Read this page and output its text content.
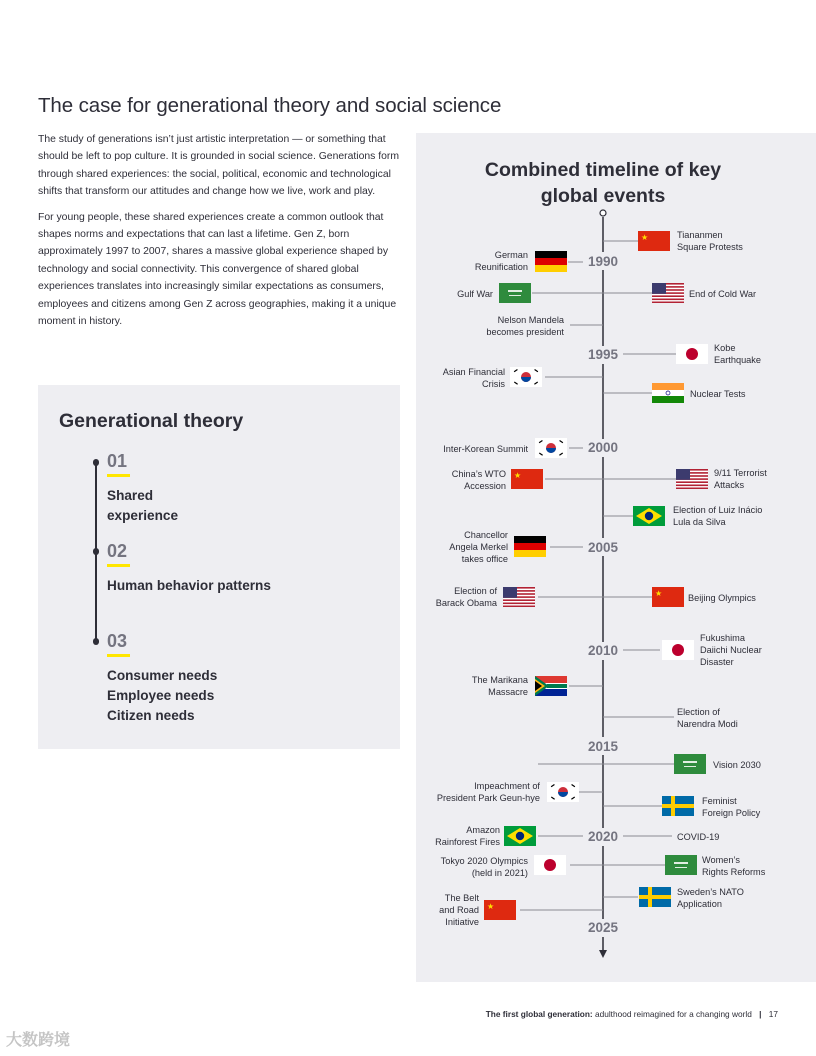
The case for generational theory and social science

The study of generations isn’t just artistic interpretation — or something that should be left to pop culture. It is grounded in social science. Generations form through shared experiences: the social, political, economic and technological shifts that transform our attitudes and change how we live, work and play.

For young people, these shared experiences create a common outlook that shapes norms and expectations that can last a lifetime. Gen Z, born approximately 1997 to 2007, shares a massive global experience shaped by technology and social connectivity. This convergence of shared global experiences translates into increasingly similar expectations as consumers, employees and citizens among Gen Z across geographies, making it a unique moment in history.

Generational theory
01
Shared
experience
02
Human behavior patterns
03
Consumer needs
Employee needs
Citizen needs
Combined timeline of key
global events
★
1990
1995
2000
2005
2010
2015
2020
2025
Tiananmen
Square Protests
End of Cold War
Kobe
Earthquake
Nuclear Tests
9/11 Terrorist
Attacks
Election of Luiz Inácio
Lula da Silva
Beijing Olympics
Fukushima
Daiichi Nuclear
Disaster
Election of
Narendra Modi
Vision 2030
Feminist
Foreign Policy
COVID-19
Women’s
Rights Reforms
Sweden’s NATO
Application
German
Reunification
Gulf War
Nelson Mandela
becomes president
Asian Financial
Crisis
Inter-Korean Summit
China’s WTO
Accession
Chancellor
Angela Merkel
takes office
Election of
Barack Obama
The Marikana
Massacre
Impeachment of
President Park Geun-hye
Amazon
Rainforest Fires
Tokyo 2020 Olympics
(held in 2021)
The Belt
and Road
Initiative
The first global generation: adulthood reimagined for a changing world | 17
大数跨境
